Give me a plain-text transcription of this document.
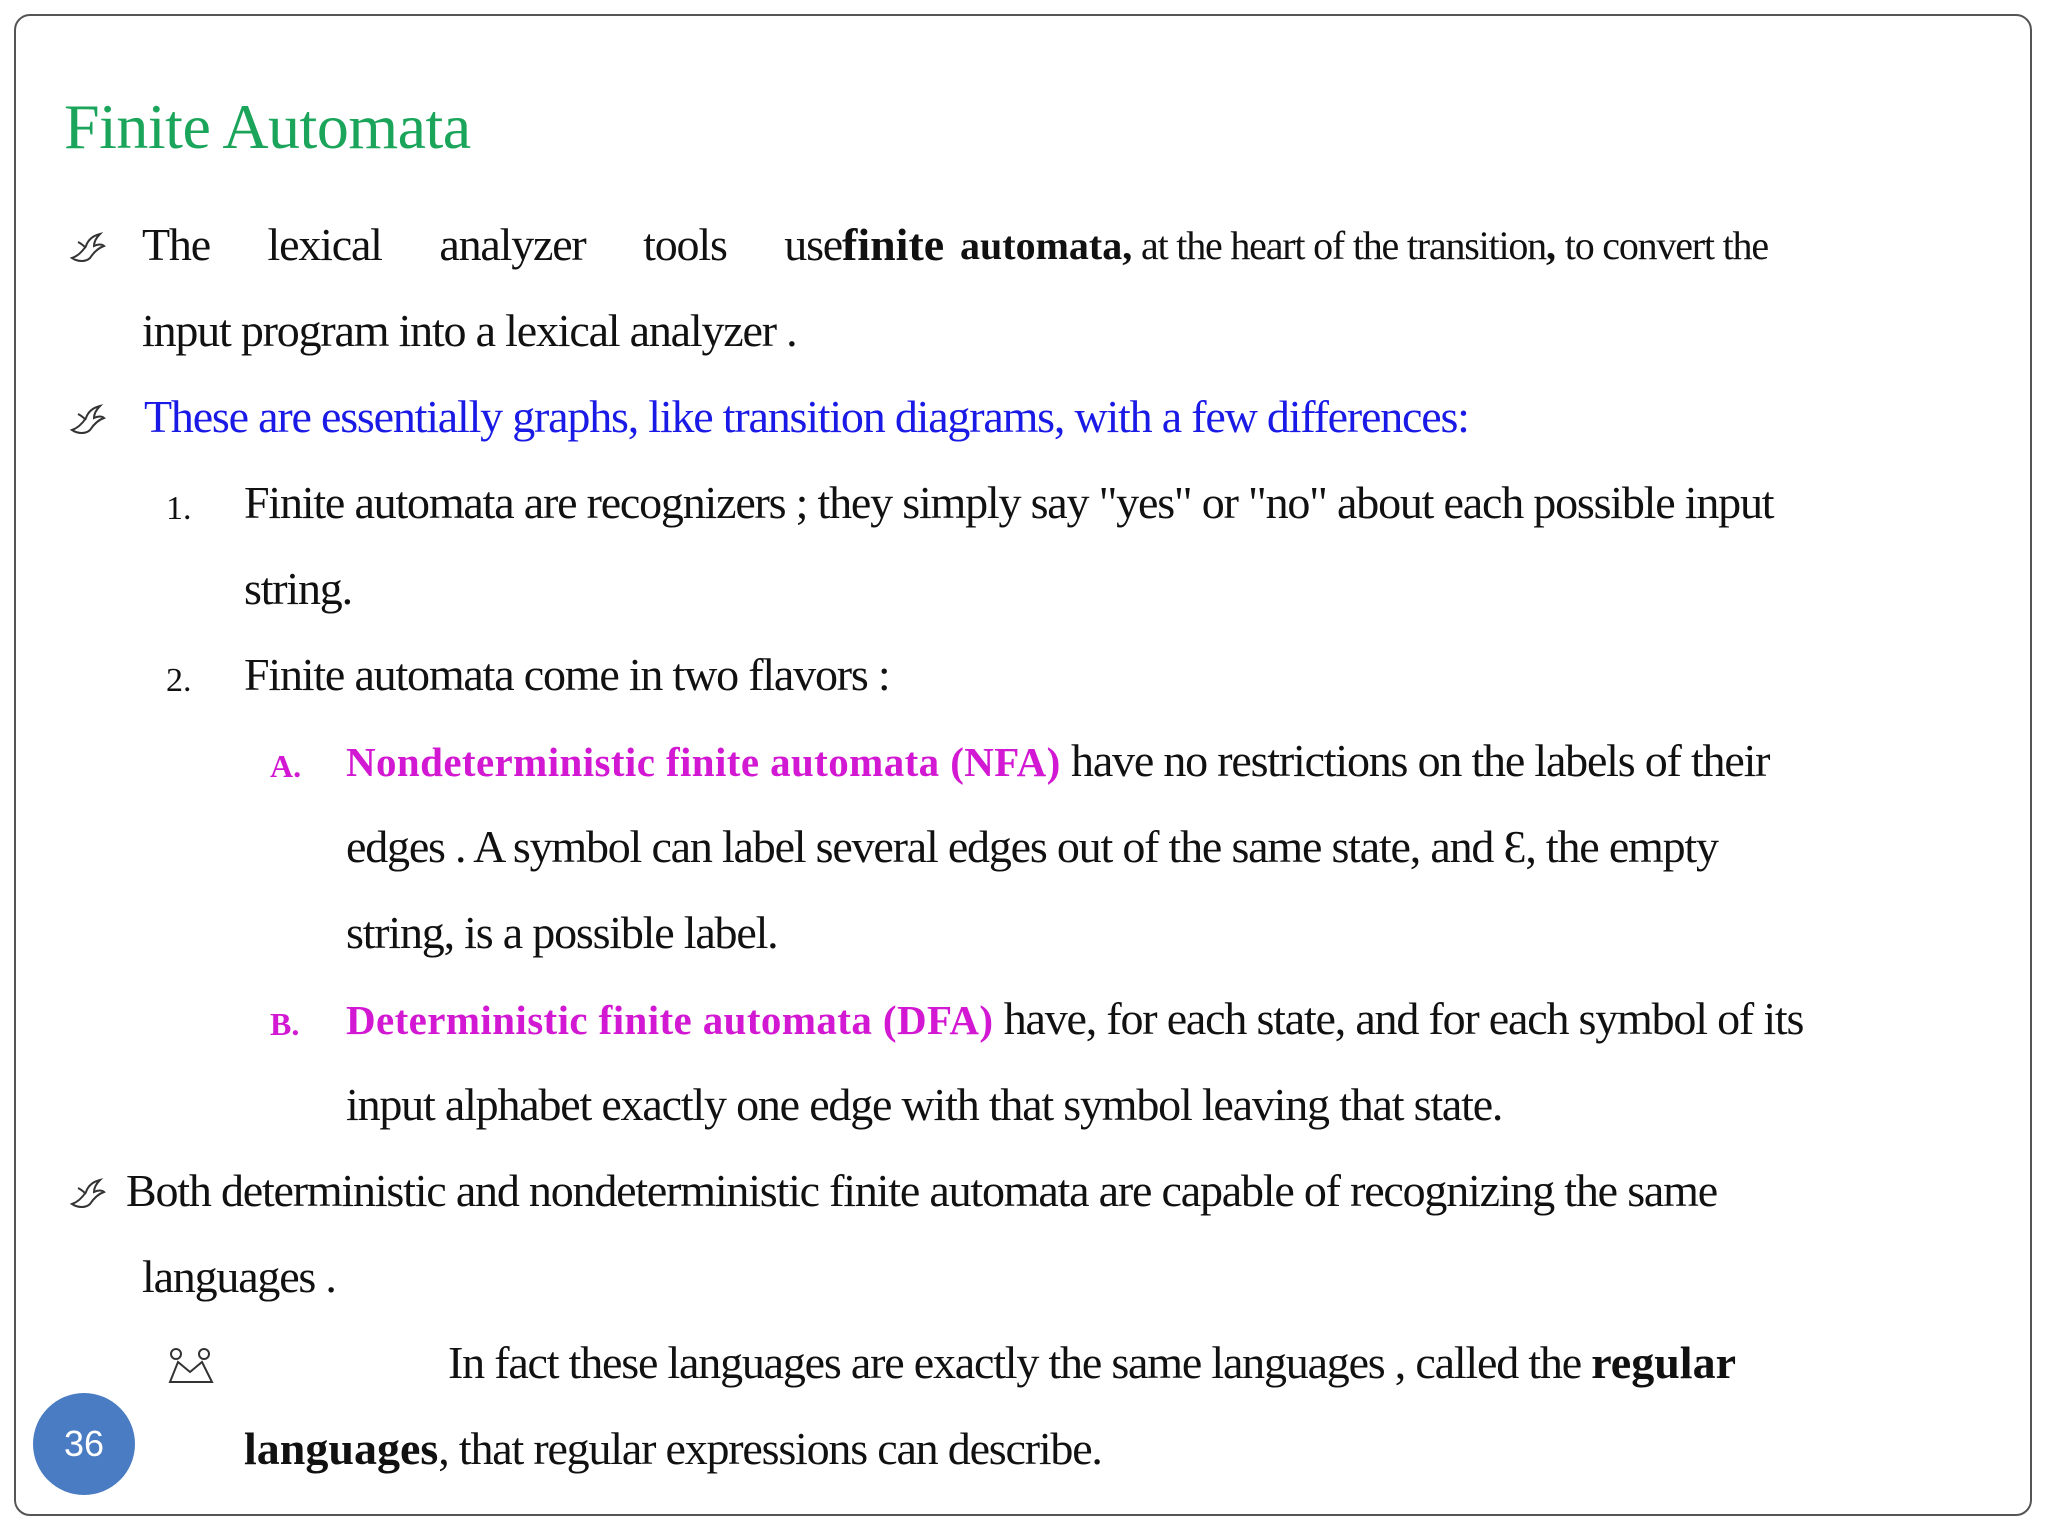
Finite Automata
The lexical analyzer tools usefinite automata, at the heart of the transition, to convert the
input program into a lexical analyzer .
These are essentially graphs, like transition diagrams, with a few differences:
1. Finite automata are recognizers ; they simply say "yes" or "no" about each possible input
string.
2. Finite automata come in two flavors :
A. Nondeterministic finite automata (NFA) have no restrictions on the labels of their
edges . A symbol can label several edges out of the same state, and Ɛ, the empty
string, is a possible label.
B. Deterministic finite automata (DFA) have, for each state, and for each symbol of its
input alphabet exactly one edge with that symbol leaving that state.
Both deterministic and nondeterministic finite automata are capable of recognizing the same
languages .
In fact these languages are exactly the same languages , called the regular
languages, that regular expressions can describe.
36
